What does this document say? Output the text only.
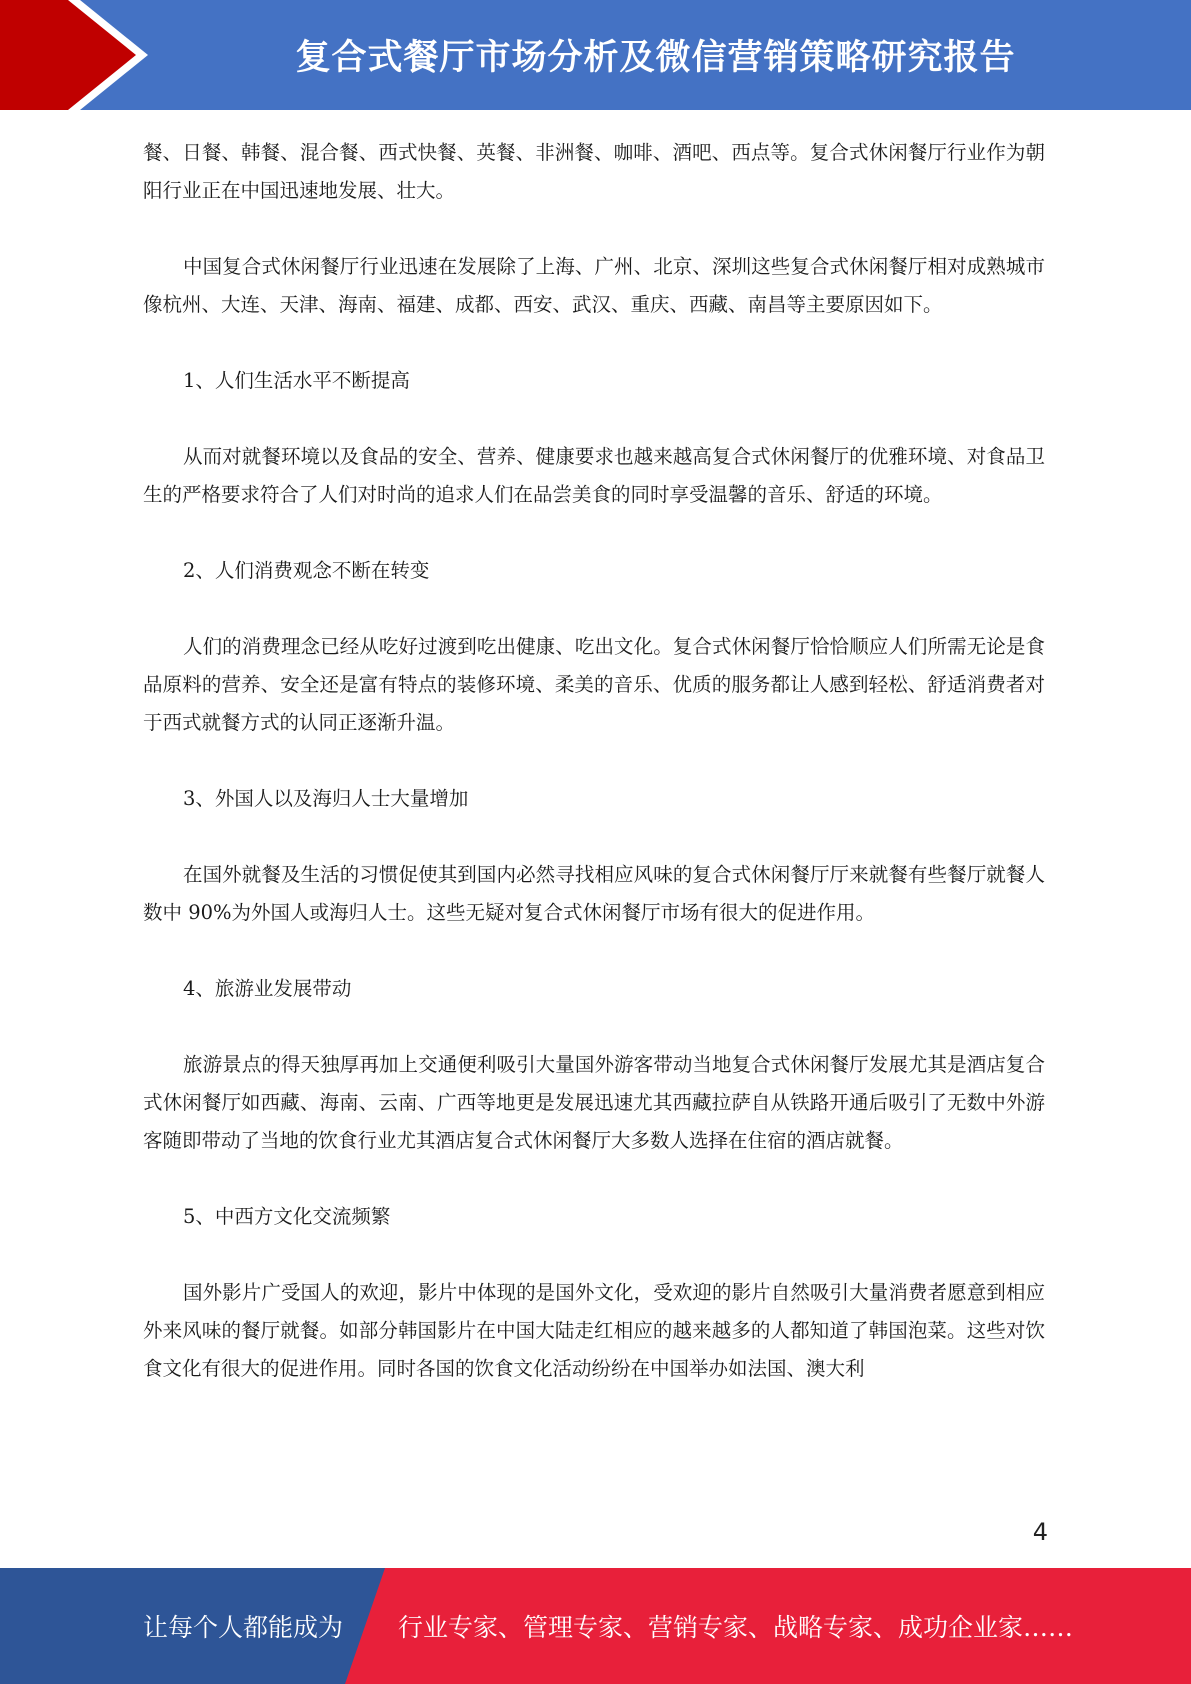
复合式餐厅市场分析及微信营销策略研究报告

餐、日餐、韩餐、混合餐、西式快餐、英餐、非洲餐、咖啡、酒吧、西点等。复合式休闲餐厅行业作为朝阳行业正在中国迅速地发展、壮大。

中国复合式休闲餐厅行业迅速在发展除了上海、广州、北京、深圳这些复合式休闲餐厅相对成熟城市像杭州、大连、天津、海南、福建、成都、西安、武汉、重庆、西藏、南昌等主要原因如下。

1、人们生活水平不断提高

从而对就餐环境以及食品的安全、营养、健康要求也越来越高复合式休闲餐厅的优雅环境、对食品卫生的严格要求符合了人们对时尚的追求人们在品尝美食的同时享受温馨的音乐、舒适的环境。

2、人们消费观念不断在转变

人们的消费理念已经从吃好过渡到吃出健康、吃出文化。复合式休闲餐厅恰恰顺应人们所需无论是食品原料的营养、安全还是富有特点的装修环境、柔美的音乐、优质的服务都让人感到轻松、舒适消费者对于西式就餐方式的认同正逐渐升温。

3、外国人以及海归人士大量增加

在国外就餐及生活的习惯促使其到国内必然寻找相应风味的复合式休闲餐厅厅来就餐有些餐厅就餐人数中 90%为外国人或海归人士。这些无疑对复合式休闲餐厅市场有很大的促进作用。

4、旅游业发展带动

旅游景点的得天独厚再加上交通便利吸引大量国外游客带动当地复合式休闲餐厅发展尤其是酒店复合式休闲餐厅如西藏、海南、云南、广西等地更是发展迅速尤其西藏拉萨自从铁路开通后吸引了无数中外游客随即带动了当地的饮食行业尤其酒店复合式休闲餐厅大多数人选择在住宿的酒店就餐。

5、中西方文化交流频繁

国外影片广受国人的欢迎，影片中体现的是国外文化，受欢迎的影片自然吸引大量消费者愿意到相应外来风味的餐厅就餐。如部分韩国影片在中国大陆走红相应的越来越多的人都知道了韩国泡菜。这些对饮食文化有很大的促进作用。同时各国的饮食文化活动纷纷在中国举办如法国、澳大利

4
让每个人都能成为 行业专家、管理专家、营销专家、战略专家、成功企业家……
